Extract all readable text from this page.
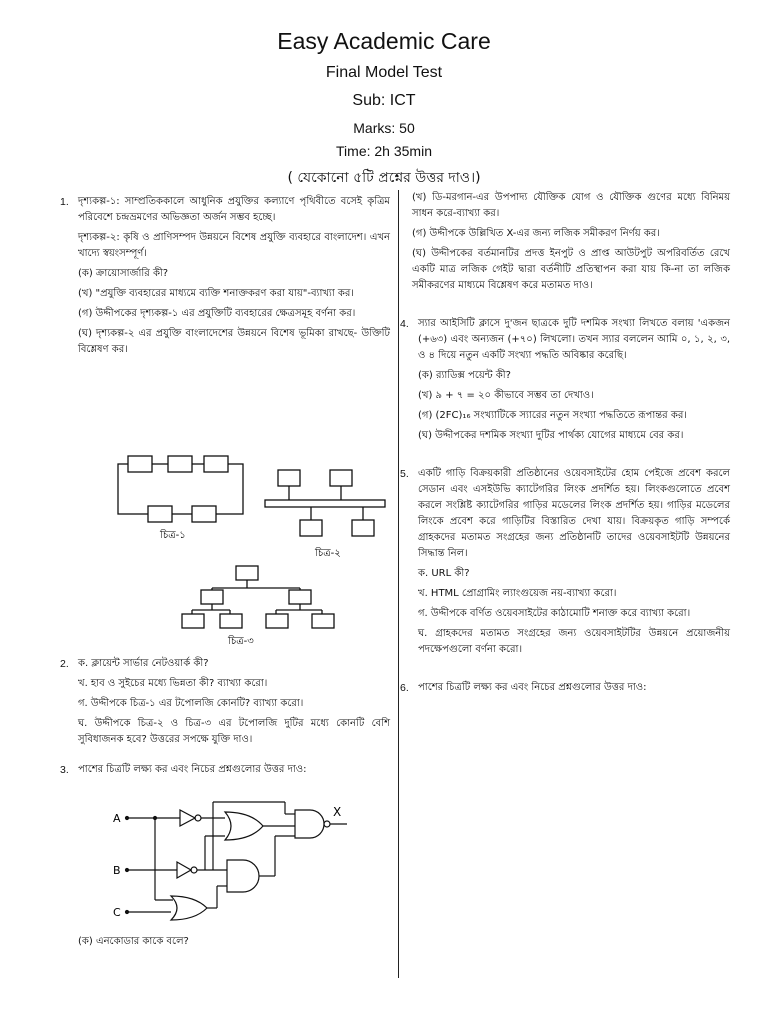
Easy Academic Care
Final Model Test
Sub: ICT
Marks: 50
Time: 2h 35min
( যেকোনো ৫টি প্রশ্নের উত্তর দাও।)
1. দৃশ্যকল্প-১: সাম্প্রতিককালে আধুনিক প্রযুক্তির কল্যাণে পৃথিবীতে বসেই কৃত্রিম পরিবেশে চন্দ্রভ্রমণের অভিজ্ঞতা অর্জন সম্ভব হচ্ছে।
দৃশ্যকল্প-২: কৃষি ও প্রাণিসম্পদ উন্নয়নে বিশেষ প্রযুক্তি ব্যবহারে বাংলাদেশ। এখন খাদ্যে স্বয়ংসম্পূর্ণ।
(ক) ক্রায়োসার্জারি কী?
(খ) "প্রযুক্তি ব্যবহারের মাধ্যমে ব্যক্তি শনাক্তকরণ করা যায়"-ব্যাখ্যা কর।
(গ) উদ্দীপকের দৃশ্যকল্প-১ এর প্রযুক্তিটি ব্যবহারের ক্ষেত্রসমূহ বর্ণনা কর।
(ঘ) দৃশ্যকল্প-২ এর প্রযুক্তি বাংলাদেশের উন্নয়নে বিশেষ ভূমিকা রাখছে- উক্তিটি বিশ্লেষণ কর।
চিত্র-১
চিত্র-২
চিত্র-৩
2. ক. ক্লায়েন্ট সার্ভার নেটওয়ার্ক কী?
খ. হাব ও সুইচের মধ্যে ভিন্নতা কী? ব্যাখ্যা করো।
গ. উদ্দীপকে চিত্র-১ এর টপোলজি কোনটি? ব্যাখ্যা করো।
ঘ. উদ্দীপকে চিত্র-২ ও চিত্র-৩ এর টপোলজি দুটির মধ্যে কোনটি বেশি সুবিধাজনক হবে? উত্তরের সপক্ষে যুক্তি দাও।
3. পাশের চিত্রটি লক্ষ্য কর এবং নিচের প্রশ্নগুলোর উত্তর দাও:
A
B
C
X
(ক) এনকোডার কাকে বলে?
(খ) ডি-মরগান-এর উপপাদ্য যৌক্তিক যোগ ও যৌক্তিক গুণের মধ্যে বিনিময় সাধন করে-ব্যাখ্যা কর।
(গ) উদ্দীপকে উল্লিখিত X-এর জন্য লজিক সমীকরণ নির্ণয় কর।
(ঘ) উদ্দীপকের বর্তমানটির প্রদত্ত ইনপুট ও প্রাপ্ত আউটপুট অপরিবর্তিত রেখে একটি মাত্র লজিক গেইট দ্বারা বর্তনীটি প্রতিস্থাপন করা যায় কি-না তা লজিক সমীকরণের মাধ্যমে বিশ্লেষণ করে মতামত দাও।
4. স্যার আইসিটি ক্লাসে দু'জন ছাত্রকে দুটি দশমিক সংখ্যা লিখতে বলায় 'একজন (+৬৩) এবং অন্যজন (+৭০) লিখলো। তখন স্যার বললেন আমি ০, ১, ২, ৩, ও ৪ দিয়ে নতুন একটি সংখ্যা পদ্ধতি অবিষ্কার করেছি।
(ক) র‍্যাডিক্স পয়েন্ট কী?
(খ) ৯ + ৭ = ২০ কীভাবে সম্ভব তা দেখাও।
(গ) (2FC)₁₆ সংখ্যাটিকে স্যারের নতুন সংখ্যা পদ্ধতিতে রূপান্তর কর।
(ঘ) উদ্দীপকের দশমিক সংখ্যা দুটির পার্থক্য যোগের মাধ্যমে বের কর।
5. একটি গাড়ি বিক্রয়কারী প্রতিষ্ঠানের ওয়েবসাইটের হোম পেইজে প্রবেশ করলে সেডান এবং এসইউভি ক্যাটেগরির লিংক প্রদর্শিত হয়। লিংকগুলোতে প্রবেশ করলে সংশ্লিষ্ট ক্যাটেগরির গাড়ির মডেলের লিংক প্রদর্শিত হয়। গাড়ির মডেলের লিংকে প্রবেশ করে গাড়িটির বিস্তারিত দেখা যায়। বিক্রয়কৃত গাড়ি সম্পর্কে গ্রাহকদের মতামত সংগ্রহের জন্য প্রতিষ্ঠানটি তাদের ওয়েবসাইটটি উন্নয়নের সিদ্ধান্ত নিল।
ক. URL কী?
খ. HTML প্রোগ্রামিং ল্যাংগুয়েজ নয়-ব্যাখ্যা করো।
গ. উদ্দীপকে বর্ণিত ওয়েবসাইটের কাঠামোটি শনাক্ত করে ব্যাখ্যা করো।
ঘ. গ্রাহকদের মতামত সংগ্রহের জন্য ওয়েবসাইটটির উন্নয়নে প্রয়োজনীয় পদক্ষেপগুলো বর্ণনা করো।
6. পাশের চিত্রটি লক্ষ্য কর এবং নিচের প্রশ্নগুলোর উত্তর দাও:
